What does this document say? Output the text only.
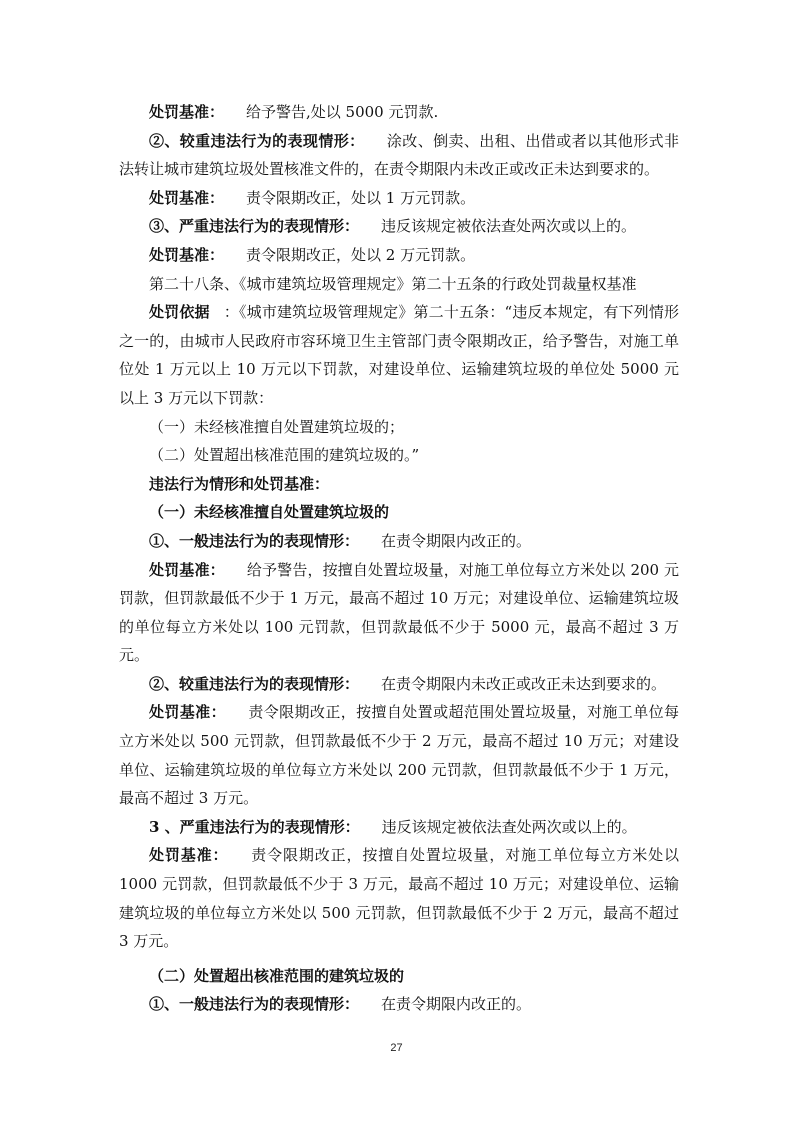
处罚基准： 给予警告,处以 5000 元罚款.

②、较重违法行为的表现情形： 涂改、倒卖、出租、出借或者以其他形式非法转让城市建筑垃圾处置核准文件的，在责令期限内未改正或改正未达到要求的。

处罚基准： 责令限期改正，处以 1 万元罚款。

③、严重违法行为的表现情形： 违反该规定被依法查处两次或以上的。

处罚基准： 责令限期改正，处以 2 万元罚款。

第二十八条、《城市建筑垃圾管理规定》第二十五条的行政处罚裁量权基准

处罚依据 ：《城市建筑垃圾管理规定》第二十五条：“违反本规定，有下列情形之一的，由城市人民政府市容环境卫生主管部门责令限期改正，给予警告，对施工单位处 1 万元以上 10 万元以下罚款，对建设单位、运输建筑垃圾的单位处 5000 元以上 3 万元以下罚款：

（一）未经核准擅自处置建筑垃圾的；

（二）处置超出核准范围的建筑垃圾的。”

违法行为情形和处罚基准：

（一）未经核准擅自处置建筑垃圾的

①、一般违法行为的表现情形： 在责令期限内改正的。

处罚基准： 给予警告，按擅自处置垃圾量，对施工单位每立方米处以 200 元罚款，但罚款最低不少于 1 万元，最高不超过 10 万元；对建设单位、运输建筑垃圾的单位每立方米处以 100 元罚款，但罚款最低不少于 5000 元，最高不超过 3 万元。

②、较重违法行为的表现情形： 在责令期限内未改正或改正未达到要求的。

处罚基准： 责令限期改正，按擅自处置或超范围处置垃圾量，对施工单位每立方米处以 500 元罚款，但罚款最低不少于 2 万元，最高不超过 10 万元；对建设单位、运输建筑垃圾的单位每立方米处以 200 元罚款，但罚款最低不少于 1 万元，最高不超过 3 万元。

3 、严重违法行为的表现情形： 违反该规定被依法查处两次或以上的。

处罚基准： 责令限期改正，按擅自处置垃圾量，对施工单位每立方米处以 1000 元罚款，但罚款最低不少于 3 万元，最高不超过 10 万元；对建设单位、运输建筑垃圾的单位每立方米处以 500 元罚款，但罚款最低不少于 2 万元，最高不超过 3 万元。

（二）处置超出核准范围的建筑垃圾的

①、一般违法行为的表现情形： 在责令期限内改正的。

27
